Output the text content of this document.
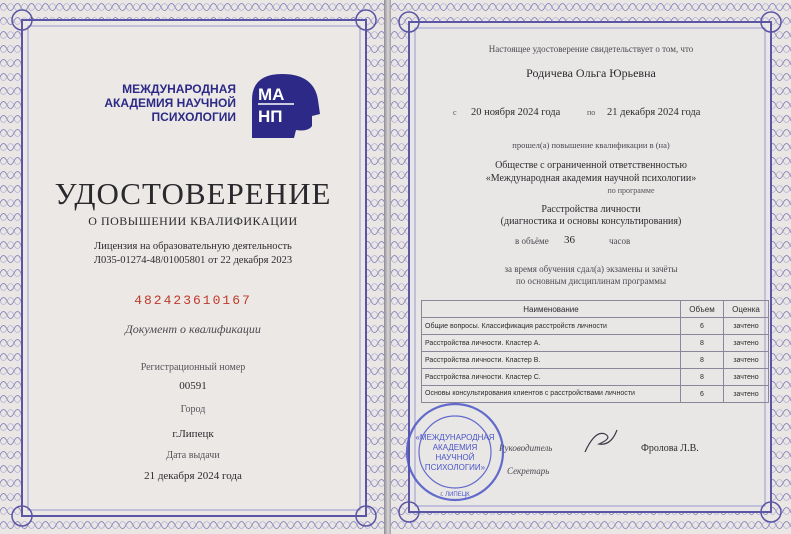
МЕЖДУНАРОДНАЯ
АКАДЕМИЯ НАУЧНОЙ
ПСИХОЛОГИИ
МА
НП
УДОСТОВЕРЕНИЕ
О ПОВЫШЕНИИ КВАЛИФИКАЦИИ
Лицензия на образовательную деятельность
Л035-01274-48/01005801 от 22 декабря 2023
482423610167
Документ о квалификации
Регистрационный номер
00591
Город
г.Липецк
Дата выдачи
21 декабря 2024 года
Настоящее удостоверение свидетельствует о том, что
Родичева Ольга Юрьевна
с 20 ноября 2024 года	по 21 декабря 2024 года
прошел(а) повышение квалификации в (на)
Обществе с ограниченной ответственностью
«Международная академия научной психологии»
по программе
Расстройства личности
(диагностика и основы консультирования)
в объёме 36	часов
за время обучения сдал(а) экзамены и зачёты
по основным дисциплинам программы
Наименование	Объем	Оценка
Общие вопросы. Классификация расстройств личности	6	зачтено
Расстройства личности. Кластер А.	8	зачтено
Расстройства личности. Кластер В.	8	зачтено
Расстройства личности. Кластер С.	8	зачтено
Основы консультирования клиентов с расстройствами личности	6	зачтено
Руководитель	Фролова Л.В.
Секретарь
«МЕЖДУНАРОДНАЯ
АКАДЕМИЯ
НАУЧНОЙ
ПСИХОЛОГИИ»
г. ЛИПЕЦК
